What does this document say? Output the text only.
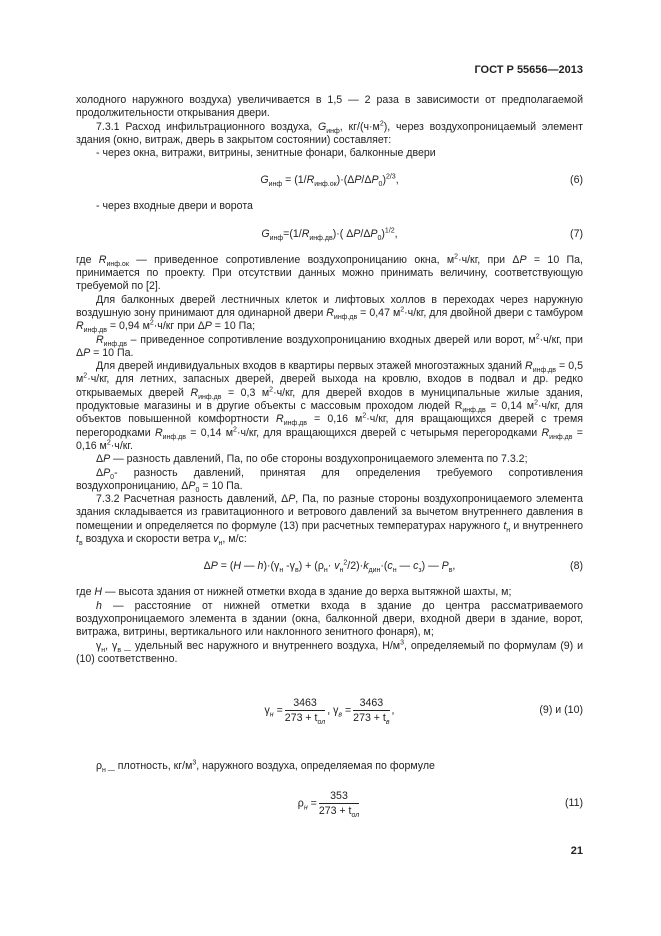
ГОСТ Р 55656—2013

холодного наружного воздуха) увеличивается в 1,5 — 2 раза в зависимости от предполагаемой продолжительности открывания двери.

7.3.1 Расход инфильтрационного воздуха, $G_{инф}$, $кг/(ч\cdot м^2)$, через воздухопроницаемый элемент здания (окно, витраж, дверь в закрытом состоянии) составляет:

- через окна, витражи, витрины, зенитные фонари, балконные двери

$G_{инф} = (1/R_{инф.ок})\cdot(\Delta P/\Delta P_0)^{2/3}$,	(6)

- через входные двери и ворота

$G_{инф}=(1/R_{инф.дв})\cdot$( $\Delta P/\Delta P_0)^{1/2}$,	(7)

где $R_{инф.ок}$ — приведенное сопротивление воздухопроницанию окна, $м^2\cdot ч/кг$, при ΔP = 10 Па, принимается по проекту. При отсутствии данных можно принимать величину, соответствующую требуемой по [2].

Для балконных дверей лестничных клеток и лифтовых холлов в переходах через наружную воздушную зону принимают для одинарной двери $R_{инф.дв} = 0,47$ $м^2\cdot ч/кг$, для двойной двери с тамбуром $R_{инф.дв} = 0,94$ $м^2\cdot ч/кг$ при ΔP = 10 Па;

$R_{инф.дв}$ – приведенное сопротивление воздухопроницанию входных дверей или ворот, $м^2\cdot ч/кг$, при ΔP = 10 Па.

Для дверей индивидуальных входов в квартиры первых этажей многоэтажных зданий $R_{инф.дв} = 0,5$ $м^2\cdot ч/кг$, для летних, запасных дверей, дверей выхода на кровлю, входов в подвал и др. редко открываемых дверей $R_{инф.дв} = 0,3$ $м^2\cdot ч/кг$, для дверей входов в муниципальные жилые здания, продуктовые магазины и в другие объекты с массовым проходом людей $R_{инф.дв} = 0,14$ $м^2\cdot ч/кг$, для объектов повышенной комфортности $R_{инф.дв} = 0,16$ $м^2\cdot ч/кг$, для вращающихся дверей с тремя перегородками $R_{инф.дв} = 0,14$ $м^2\cdot ч/кг$, для вращающихся дверей с четырьмя перегородками $R_{инф.дв} = 0,16$ $м^2\cdot ч/кг$.

ΔP — разность давлений, Па, по обе стороны воздухопроницаемого элемента по 7.3.2;

$\Delta P_0-$ разность давлений, принятая для определения требуемого сопротивления воздухопроницанию, $\Delta P_0 = 10$ Па.

7.3.2 Расчетная разность давлений, ΔP, Па, по разные стороны воздухопроницаемого элемента здания складывается из гравитационного и ветрового давлений за вычетом внутреннего давления в помещении и определяется по формуле (13) при расчетных температурах наружного $t_н$ и внутреннего $t_в$ воздуха и скорости ветра $v_н$, м/с:

ΔP = (H — $h)\cdot(\gamma_н$ $-\gamma_в) + (\rho_н\cdot v_н^2/2)\cdot k_{дин}\cdot(c_н$ — $c_з$) — $P_в$,	(8)

где H — высота здания от нижней отметки входа в здание до верха вытяжной шахты, м;

h — расстояние от нижней отметки входа в здание до центра рассматриваемого воздухопроницаемого элемента в здании (окна, балконной двери, входной двери в здание, ворот, витража, витрины, вертикального или наклонного зенитного фонаря), м;

$\gamma_н$, $\gamma_{в —}$ удельный вес наружного и внутреннего воздуха, $Н/м^3$, определяемый по формулам (9) и (10) соответственно.

$\gamma_н = \frac{3463}{273 + t_{ол}}$ , $\gamma_в = \frac{3463}{273 + t_в}$ ,	(9) и (10)

$\rho_{н —}$ плотность, $кг/м^3$, наружного воздуха, определяемая по формуле

$\rho_н = \frac{353}{273 + t_{ол}}$	(11)
21
